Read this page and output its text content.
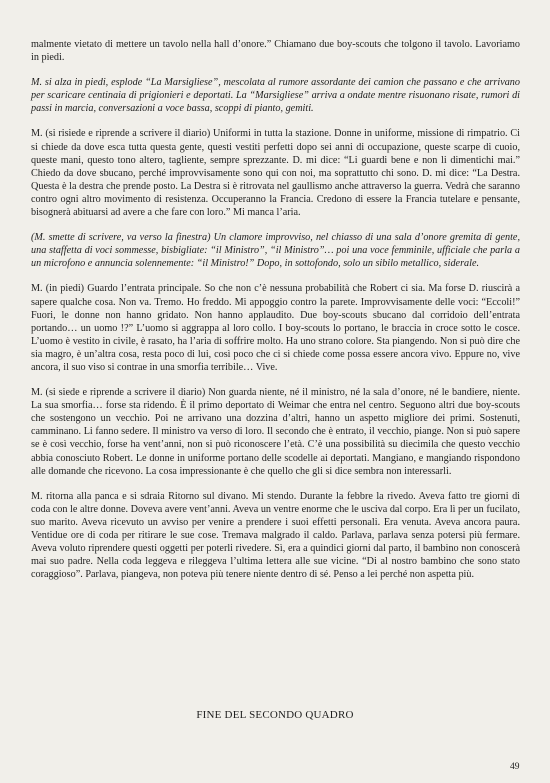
malmente vietato di mettere un tavolo nella hall d’onore.” Chiamano due boy-scouts che tolgono il tavolo. Lavoriamo in piedi.

M. si alza in piedi, esplode “La Marsigliese”, mescolata al rumore assordante dei camion che passano e che arrivano per scaricare centinaia di prigionieri e deportati. La “Marsigliese” arriva a ondate mentre risuonano risate, rumori di passi in marcia, conversazioni a voce bassa, scoppi di pianto, gemiti.

M. (si risiede e riprende a scrivere il diario) Uniformi in tutta la stazione. Donne in uniforme, missione di rimpatrio. Ci si chiede da dove esca tutta questa gente, questi vestiti perfetti dopo sei anni di occupazione, queste scarpe di cuoio, queste mani, questo tono altero, tagliente, sempre sprezzante. D. mi dice: “Li guardi bene e non li dimentichi mai.” Chiedo da dove sbucano, perché improvvisamente sono qui con noi, ma soprattutto chi sono. D. mi dice: “La Destra. Questa è la destra che prende posto. La Destra si è ritrovata nel gaullismo anche attraverso la guerra. Vedrà che saranno contro ogni altro movimento di resistenza. Occuperanno la Francia. Credono di essere la Francia tutelare e pensante, bisognerà abituarsi ad avere a che fare con loro.” Mi manca l’aria.

(M. smette di scrivere, va verso la finestra) Un clamore improvviso, nel chiasso di una sala d’onore gremita di gente, una staffetta di voci sommesse, bisbigliate: “il Ministro”, “il Ministro”… poi una voce femminile, ufficiale che parla a un microfono e annuncia solennemente: “il Ministro!” Dopo, in sottofondo, solo un sibilo metallico, siderale.

M. (in piedi) Guardo l’entrata principale. So che non c’è nessuna probabilità che Robert ci sia. Ma forse D. riuscirà a sapere qualche cosa. Non va. Tremo. Ho freddo. Mi appoggio contro la parete. Improvvisamente delle voci: “Eccoli!” Fuori, le donne non hanno gridato. Non hanno applaudito. Due boy-scouts sbucano dal corridoio dell’entrata portando… un uomo !?” L’uomo si aggrappa al loro collo. I boy-scouts lo portano, le braccia in croce sotto le cosce. L’uomo è vestito in civile, è rasato, ha l’aria di soffrire molto. Ha uno strano colore. Sta piangendo. Non si può dire che sia magro, è un’altra cosa, resta poco di lui, così poco che ci si chiede come possa essere ancora vivo. Eppure no, vive ancora, il suo viso si contrae in una smorfia terribile… Vive.

M. (si siede e riprende a scrivere il diario) Non guarda niente, né il ministro, né la sala d’onore, né le bandiere, niente. La sua smorfia… forse sta ridendo. È il primo deportato di Weimar che entra nel centro. Seguono altri due boy-scouts che sostengono un vecchio. Poi ne arrivano una dozzina d’altri, hanno un aspetto migliore dei primi. Sostenuti, camminano. Li fanno sedere. Il ministro va verso di loro. Il secondo che è entrato, il vecchio, piange. Non si può sapere se è così vecchio, forse ha vent’anni, non si può riconoscere l’età. C’è una possibilità su diecimila che questo vecchio abbia conosciuto Robert. Le donne in uniforme portano delle scodelle ai deportati. Mangiano, e mangiando rispondono alle domande che ricevono. La cosa impressionante è che quello che gli si dice sembra non interessarli.

M. ritorna alla panca e si sdraia Ritorno sul divano. Mi stendo. Durante la febbre la rivedo. Aveva fatto tre giorni di coda con le altre donne. Doveva avere vent’anni. Aveva un ventre enorme che le usciva dal corpo. Era lì per un fucilato, suo marito. Aveva ricevuto un avviso per venire a prendere i suoi effetti personali. Era venuta. Aveva ancora paura. Ventidue ore di coda per ritirare le sue cose. Tremava malgrado il caldo. Parlava, parlava senza potersi più fermare. Aveva voluto riprendere questi oggetti per poterli rivedere. Sì, era a quindici giorni dal parto, il bambino non conoscerà mai suo padre. Nella coda leggeva e rileggeva l’ultima lettera alle sue vicine. “Di al nostro bambino che sono stato coraggioso”. Parlava, piangeva, non poteva più tenere niente dentro di sé. Penso a lei perché non aspetta più.

FINE DEL SECONDO QUADRO
49
